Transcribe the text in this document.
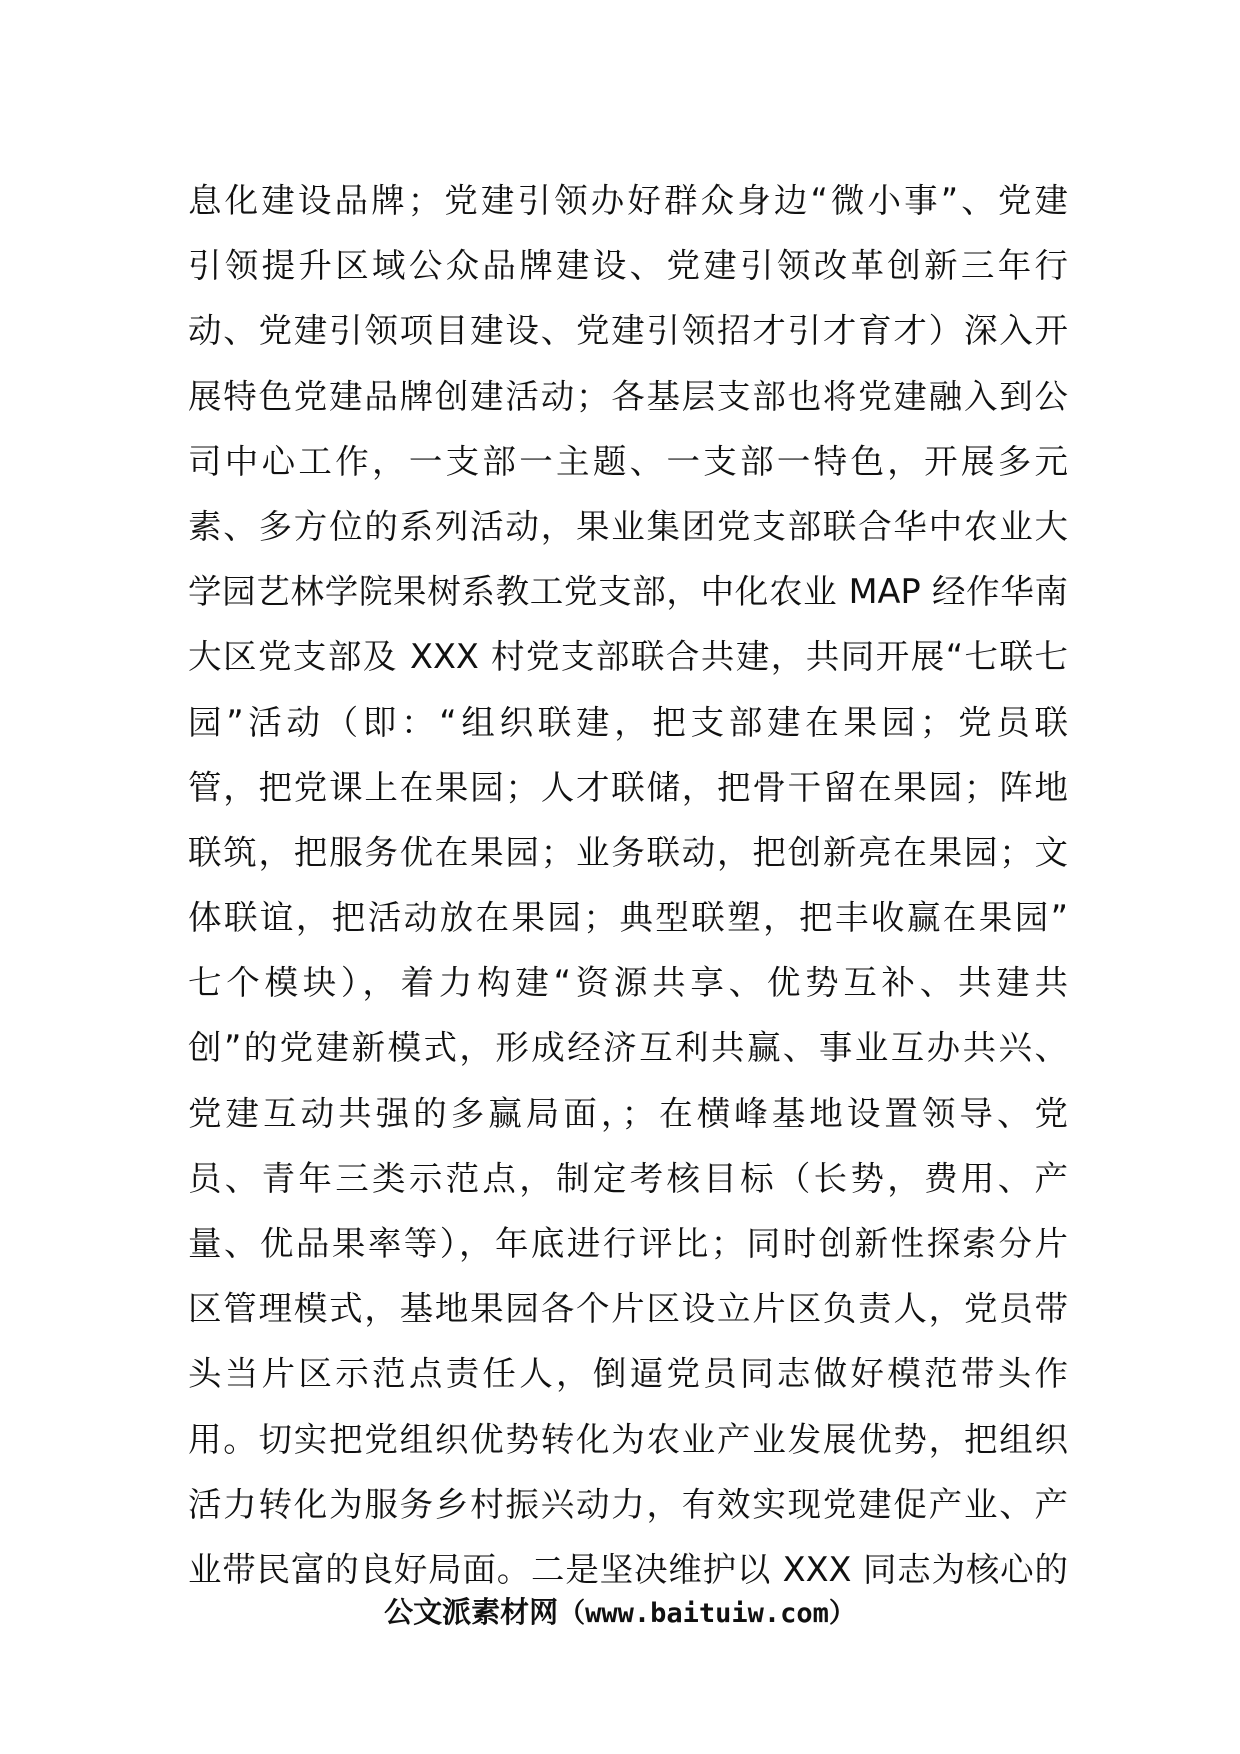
息化建设品牌；党建引领办好群众身边“微小事”、党建
引领提升区域公众品牌建设、党建引领改革创新三年行
动、党建引领项目建设、党建引领招才引才育才）深入开
展特色党建品牌创建活动；各基层支部也将党建融入到公
司中心工作，一支部一主题、一支部一特色，开展多元
素、多方位的系列活动，果业集团党支部联合华中农业大
学园艺林学院果树系教工党支部，中化农业 MAP 经作华南
大区党支部及 XXX 村党支部联合共建，共同开展“七联七
园”活动（即：“组织联建，把支部建在果园；党员联
管，把党课上在果园；人才联储，把骨干留在果园；阵地
联筑，把服务优在果园；业务联动，把创新亮在果园；文
体联谊，把活动放在果园；典型联塑，把丰收赢在果园”
七个模块），着力构建“资源共享、优势互补、共建共
创”的党建新模式，形成经济互利共赢、事业互办共兴、
党建互动共强的多赢局面，；在横峰基地设置领导、党
员、青年三类示范点，制定考核目标（长势，费用、产
量、优品果率等），年底进行评比；同时创新性探索分片
区管理模式，基地果园各个片区设立片区负责人，党员带
头当片区示范点责任人，倒逼党员同志做好模范带头作
用。切实把党组织优势转化为农业产业发展优势，把组织
活力转化为服务乡村振兴动力，有效实现党建促产业、产
业带民富的良好局面。二是坚决维护以 XXX 同志为核心的
公文派素材网（www.baituiw.com）
